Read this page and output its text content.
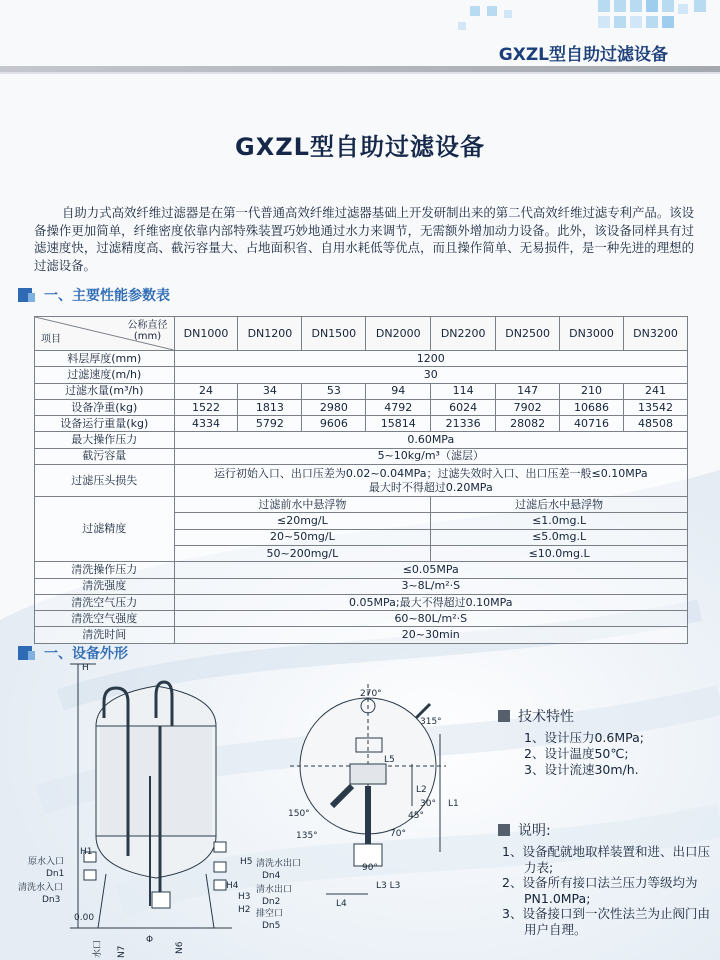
GXZL型自助过滤设备
GXZL型自助过滤设备

自助力式高效纤维过滤器是在第一代普通高效纤维过滤器基础上开发研制出来的第二代高效纤维过滤专利产品。该设备操作更加简单，纤维密度依靠内部特殊装置巧妙地通过水力来调节，无需额外增加动力设备。此外，该设备同样具有过滤速度快，过滤精度高、截污容量大、占地面积省、自用水耗低等优点，而且操作简单、无易损件，是一种先进的理想的过滤设备。

一、主要性能参数表
公称直径
(mm)
项目	DN1000	DN1200	DN1500	DN2000	DN2200	DN2500	DN3000	DN3200
料层厚度(mm)	1200							
过滤速度(m/h)	30							
过滤水量(m³/h)	24	34	53	94	114	147	210	241
设备净重(kg)	1522	1813	2980	4792	6024	7902	10686	13542
设备运行重量(kg)	4334	5792	9606	15814	21336	28082	40716	48508
最大操作压力	0.60MPa							
截污容量	5~10kg/m³（滤层）							
过滤压头损失	运行初始入口、出口压差为0.02~0.04MPa；过滤失效时入口、出口压差一般≤0.10MPa
最大时不得超过0.20MPa							

过滤精度	过滤前水中悬浮物				过滤后水中悬浮物			
	≤20mg/L				≤1.0mg.L			
	20~50mg/L				≤5.0mg.L			
	50~200mg/L				≤10.0mg.L			
清洗操作压力	≤0.05MPa							
清洗强度	3~8L/m²·S							
清洗空气压力	0.05MPa;最大不得超过0.10MPa							
清洗空气强度	60~80L/m²·S							
清洗时间	20~30min							
一、设备外形
H
H1
H2
H3
H4
H5
原水入口
Dn1
清洗水入口
Dn3
清洗水出口
Dn4
清水出口
Dn2
排空口
Dn5
0.00
Φ
N6
N7
水口
270°
315°
150°
135°
30°
45°
70°
90°
L1
L2
L3 L3
L4
L5
技术特性
1、设计压力0.6MPa;
2、设计温度50℃;
3、设计流速30m/h.
说明:
1、设备配就地取样装置和进、出口压力表;
2、设备所有接口法兰压力等级均为PN1.0MPa;
3、设备接口到一次性法兰为止阀门由用户自理。
